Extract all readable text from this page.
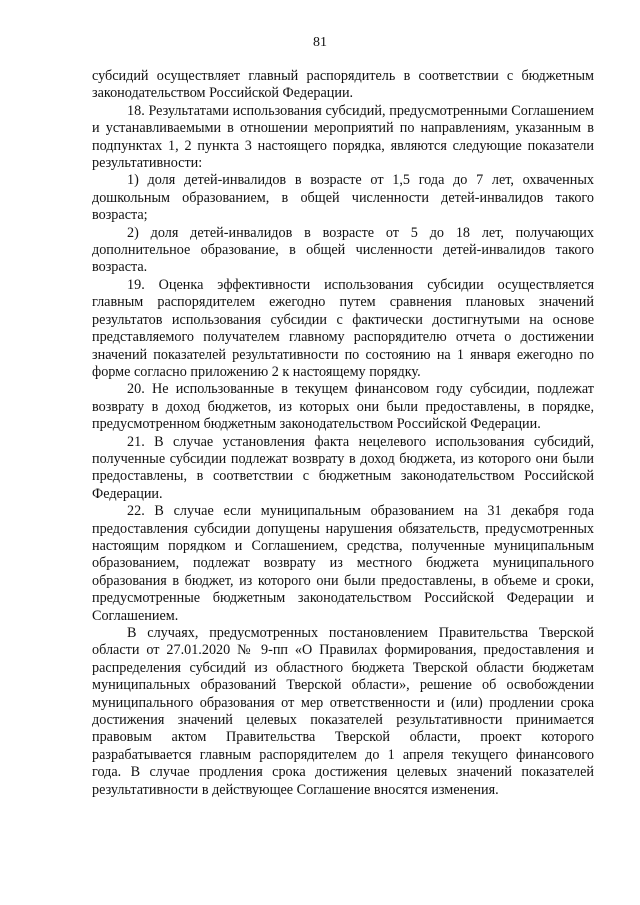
81

субсидий осуществляет главный распорядитель в соответствии с бюджетным законодательством Российской Федерации.

18. Результатами использования субсидий, предусмотренными Соглашением и устанавливаемыми в отношении мероприятий по направлениям, указанным в подпунктах 1, 2 пункта 3 настоящего порядка, являются следующие показатели результативности:

1) доля детей-инвалидов в возрасте от 1,5 года до 7 лет, охваченных дошкольным образованием, в общей численности детей-инвалидов такого возраста;

2) доля детей-инвалидов в возрасте от 5 до 18 лет, получающих дополнительное образование, в общей численности детей-инвалидов такого возраста.

19. Оценка эффективности использования субсидии осуществляется главным распорядителем ежегодно путем сравнения плановых значений результатов использования субсидии с фактически достигнутыми на основе представляемого получателем главному распорядителю отчета о достижении значений показателей результативности по состоянию на 1 января ежегодно по форме согласно приложению 2 к настоящему порядку.

20. Не использованные в текущем финансовом году субсидии, подлежат возврату в доход бюджетов, из которых они были предоставлены, в порядке, предусмотренном бюджетным законодательством Российской Федерации.

21. В случае установления факта нецелевого использования субсидий, полученные субсидии подлежат возврату в доход бюджета, из которого они были предоставлены, в соответствии с бюджетным законодательством Российской Федерации.

22. В случае если муниципальным образованием на 31 декабря года предоставления субсидии допущены нарушения обязательств, предусмотренных настоящим порядком и Соглашением, средства, полученные муниципальным образованием, подлежат возврату из местного бюджета муниципального образования в бюджет, из которого они были предоставлены, в объеме и сроки, предусмотренные бюджетным законодательством Российской Федерации и Соглашением.

В случаях, предусмотренных постановлением Правительства Тверской области от 27.01.2020 № 9-пп «О Правилах формирования, предоставления и распределения субсидий из областного бюджета Тверской области бюджетам муниципальных образований Тверской области», решение об освобождении муниципального образования от мер ответственности и (или) продлении срока достижения значений целевых показателей результативности принимается правовым актом Правительства Тверской области, проект которого разрабатывается главным распорядителем до 1 апреля текущего финансового года. В случае продления срока достижения целевых значений показателей результативности в действующее Соглашение вносятся изменения.
